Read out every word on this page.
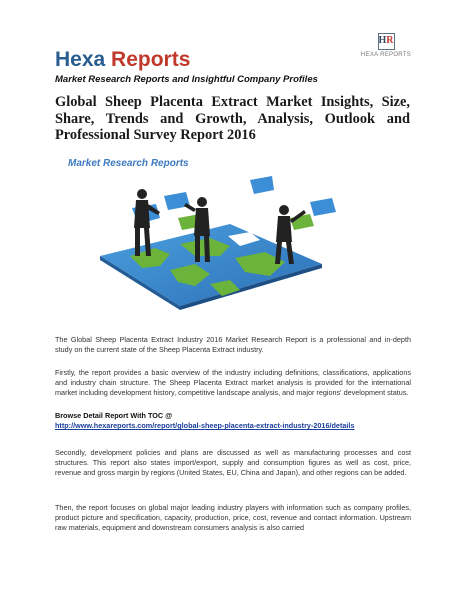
Hexa Reports
Market Research Reports and Insightful Company Profiles
HR
HEXA REPORTS
Global Sheep Placenta Extract Market Insights, Size, Share, Trends and Growth, Analysis, Outlook and Professional Survey Report 2016
Market Research Reports
The Global Sheep Placenta Extract Industry 2016 Market Research Report is a professional and in-depth study on the current state of the Sheep Placenta Extract industry.
Firstly, the report provides a basic overview of the industry including definitions, classifications, applications and industry chain structure. The Sheep Placenta Extract market analysis is provided for the international market including development history, competitive landscape analysis, and major regions' development status.
Browse Detail Report With TOC @
http://www.hexareports.com/report/global-sheep-placenta-extract-industry-2016/details
Secondly, development policies and plans are discussed as well as manufacturing processes and cost structures. This report also states import/export, supply and consumption figures as well as cost, price, revenue and gross margin by regions (United States, EU, China and Japan), and other regions can be added.
Then, the report focuses on global major leading industry players with information such as company profiles, product picture and specification, capacity, production, price, cost, revenue and contact information. Upstream raw materials, equipment and downstream consumers analysis is also carried
